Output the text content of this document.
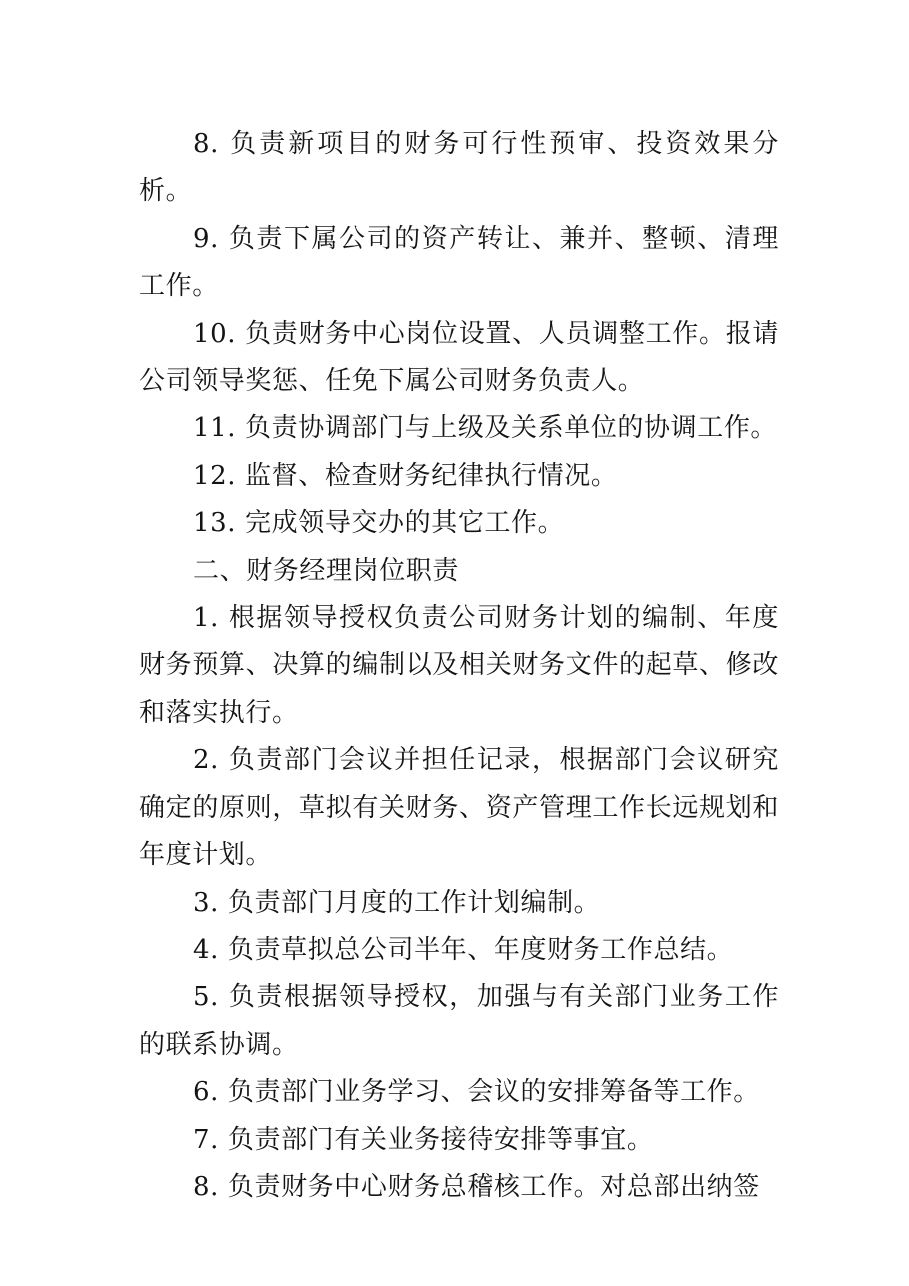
8. 负责新项目的财务可行性预审、投资效果分析。

9. 负责下属公司的资产转让、兼并、整顿、清理工作。

10. 负责财务中心岗位设置、人员调整工作。报请公司领导奖惩、任免下属公司财务负责人。

11. 负责协调部门与上级及关系单位的协调工作。

12. 监督、检查财务纪律执行情况。

13. 完成领导交办的其它工作。

二、财务经理岗位职责

1. 根据领导授权负责公司财务计划的编制、年度财务预算、决算的编制以及相关财务文件的起草、修改和落实执行。

2. 负责部门会议并担任记录，根据部门会议研究确定的原则，草拟有关财务、资产管理工作长远规划和年度计划。

3. 负责部门月度的工作计划编制。

4. 负责草拟总公司半年、年度财务工作总结。

5. 负责根据领导授权，加强与有关部门业务工作的联系协调。

6. 负责部门业务学习、会议的安排筹备等工作。

7. 负责部门有关业务接待安排等事宜。

8. 负责财务中心财务总稽核工作。对总部出纳签
